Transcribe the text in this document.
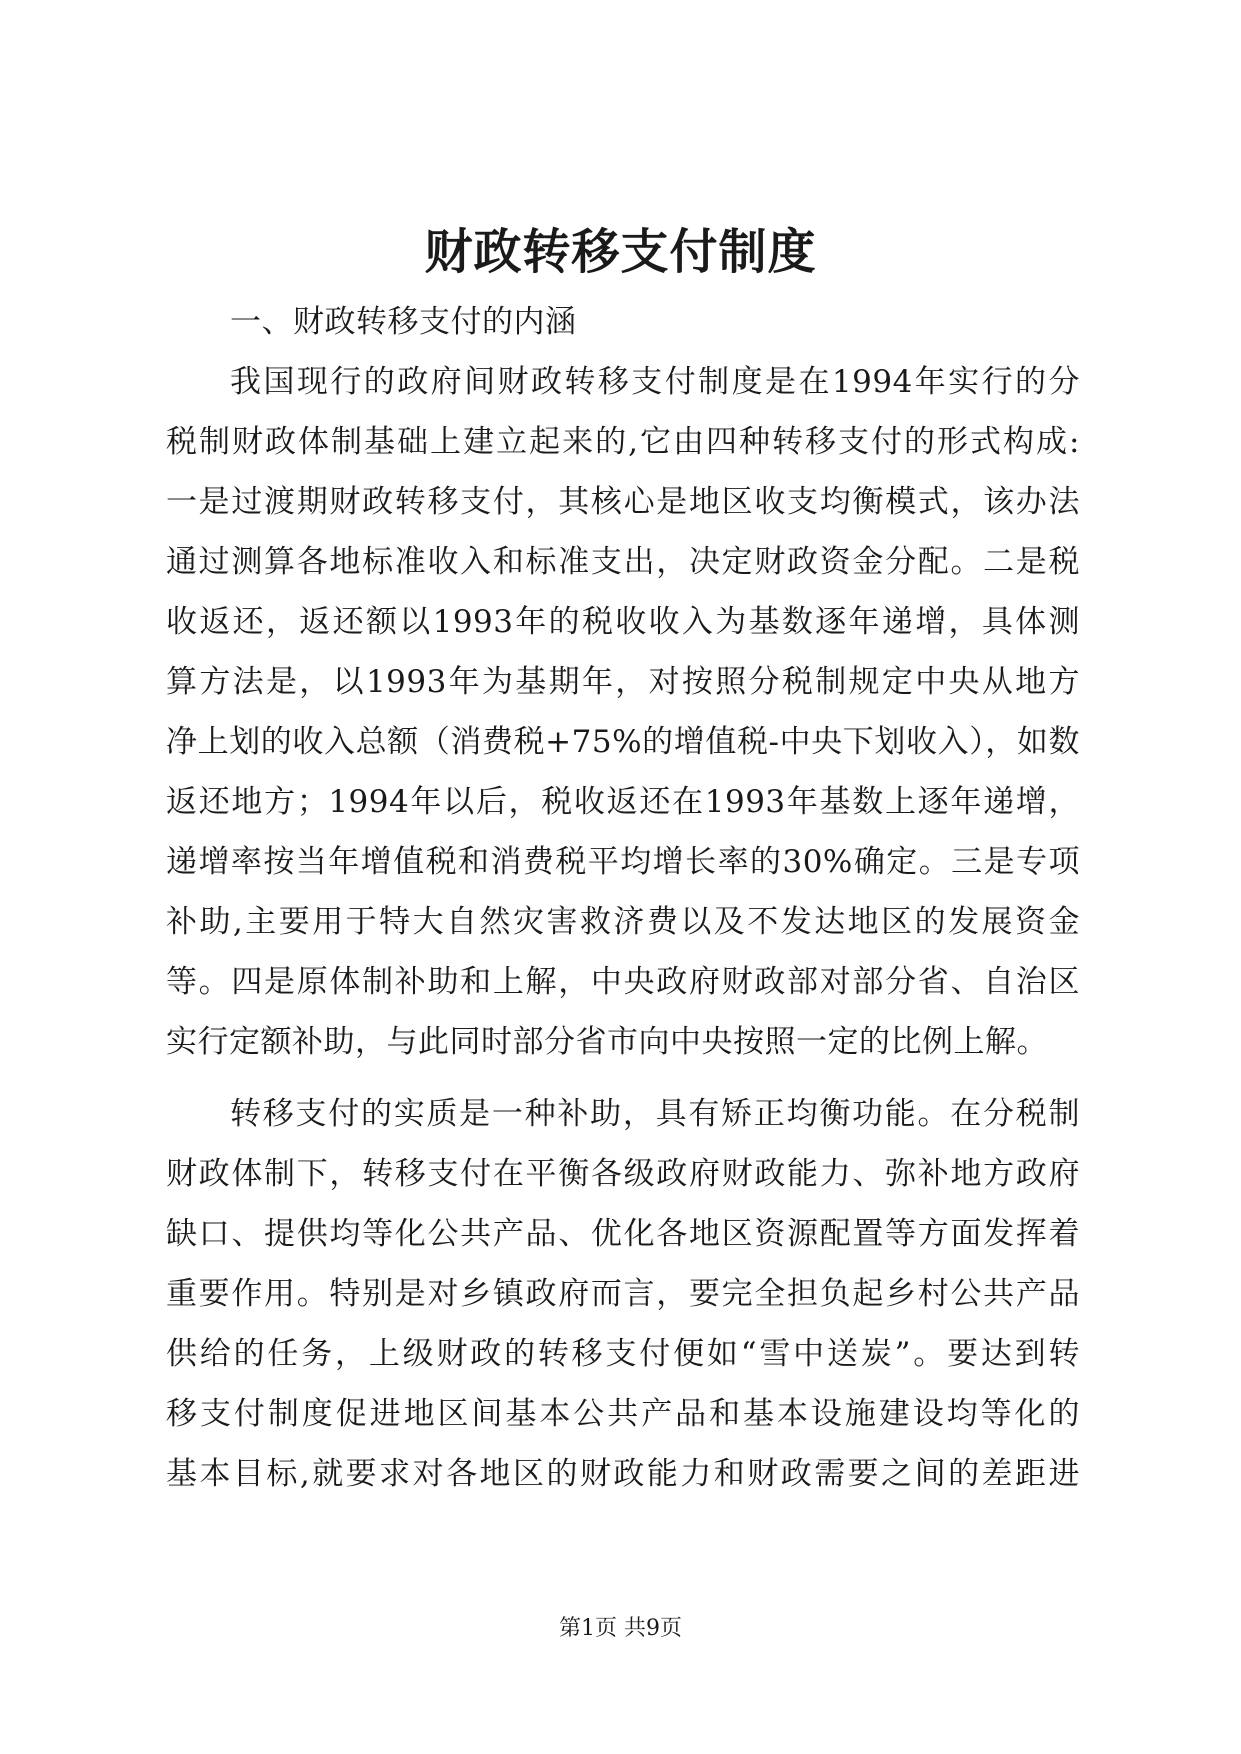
财政转移支付制度
一、财政转移支付的内涵
我国现行的政府间财政转移支付制度是在1994年实行的分
税制财政体制基础上建立起来的,它由四种转移支付的形式构成:
一是过渡期财政转移支付，其核心是地区收支均衡模式，该办法
通过测算各地标准收入和标准支出，决定财政资金分配。二是税
收返还，返还额以1993年的税收收入为基数逐年递增，具体测
算方法是，以1993年为基期年，对按照分税制规定中央从地方
净上划的收入总额（消费税+75%的增值税-中央下划收入），如数
返还地方；1994年以后，税收返还在1993年基数上逐年递增，
递增率按当年增值税和消费税平均增长率的30%确定。三是专项
补助,主要用于特大自然灾害救济费以及不发达地区的发展资金
等。四是原体制补助和上解，中央政府财政部对部分省、自治区
实行定额补助，与此同时部分省市向中央按照一定的比例上解。
转移支付的实质是一种补助，具有矫正均衡功能。在分税制
财政体制下，转移支付在平衡各级政府财政能力、弥补地方政府
缺口、提供均等化公共产品、优化各地区资源配置等方面发挥着
重要作用。特别是对乡镇政府而言，要完全担负起乡村公共产品
供给的任务，上级财政的转移支付便如“雪中送炭”。要达到转
移支付制度促进地区间基本公共产品和基本设施建设均等化的
基本目标,就要求对各地区的财政能力和财政需要之间的差距进
第1页 共9页
